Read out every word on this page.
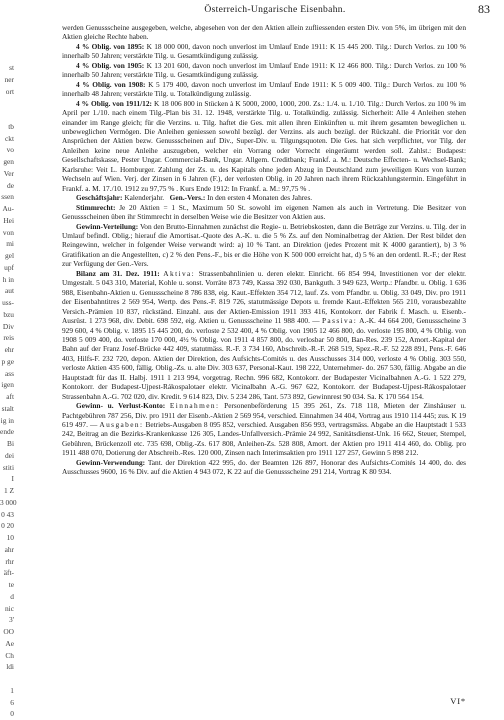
st
ner
ort
tb
ckt
vo
gen
Ver
de
ssen
Au-
Hei
von
mi
gel
upf
h in
aut
uss-
bzu
Div
reis
ehr
p ge
ass
igen
aft
stalt
ig in
ende
Bi
dei
stiti
I
1 Z
3 000
0 43
0 20
10
ahr
rhr
äft-
te
d
nic
3'
OO
Ae
Ch
ldi
1
6
0
Österreich-Ungarische Eisenbahn.	83

werden Genussscheine ausgegeben, welche, abgesehen von der den Aktien allein zufliessenden ersten Div. von 5%, im übrigen mit den Aktien gleiche Rechte haben.

4 % Oblig. von 1895: K 18 000 000, davon noch unverlost im Umlauf Ende 1911: K 15 445 200. Tilg.: Durch Verlos. zu 100 % innerhalb 50 Jahren; verstärkte Tilg. u. Gesamtkündigung zulässig.

4 % Oblig. von 1905: K 13 201 600, davon noch unverlost im Umlauf Ende 1911: K 12 466 800. Tilg.: Durch Verlos. zu 100 % innerhalb 50 Jahren; verstärkte Tilg. u. Gesamtkündigung zulässig.

4 % Oblig. von 1908: K 5 179 400, davon noch unverlost im Umlauf Ende 1911: K 5 009 400. Tilg.: Durch Verlos. zu 100 % innerhalb 48 Jahren; verstärkte Tilg. u. Totalkündigung zulässig.

4 % Oblig. von 1911/12: K 18 006 800 in Stücken à K 5000, 2000, 1000, 200. Zs.: 1./4. u. 1./10. Tilg.: Durch Verlos. zu 100 % im April per 1./10. nach einem Tilg.-Plan bis 31. 12. 1948, verstärkte Tilg. u. Totalkündig. zulässig. Sicherheit: Alle 4 Anleihen stehen einander im Range gleich; für die Verzins. u. Tilg. haftet die Ges. mit allen ihren Einkünften u. mit ihrem gesamten beweglichen u. unbeweglichen Vermögen. Die Anleihen geniessen sowohl bezügl. der Verzins. als auch bezügl. der Rückzahl. die Priorität vor den Ansprüchen der Aktien bezw. Genussscheinen auf Div., Super-Div. u. Tilgungsquoten. Die Ges. hat sich verpflichtet, vor Tilg. der Anleihen keine neue Anleihe auszugeben, welcher ein Vorrang oder Vorrecht eingeräumt werden soll. Zahlst.: Budapest: Gesellschaftskasse, Pester Ungar. Commercial-Bank, Ungar. Allgem. Creditbank; Frankf. a. M.: Deutsche Effecten- u. Wechsel-Bank; Karlsruhe: Veit L. Homburger. Zahlung der Zs. u. des Kapitals ohne jeden Abzug in Deutschland zum jeweiligen Kurs von kurzen Wechseln auf Wien. Verj. der Zinsen in 6 Jahren (F.), der verlosten Oblig. in 20 Jahren nach ihrem Rückzahlungstermin. Eingeführt in Frankf. a. M. 17./10. 1912 zu 97,75 % . Kurs Ende 1912: In Frankf. a. M.: 97,75 % .

Geschäftsjahr: Kalenderjahr. Gen.-Vers.: In den ersten 4 Monaten des Jahres.

Stimmrecht: Je 20 Aktien = 1 St., Maximum 50 St. sowohl im eigenen Namen als auch in Vertretung. Die Besitzer von Genussscheinen üben ihr Stimmrecht in derselben Weise wie die Besitzer von Aktien aus.

Gewinn-Verteilung: Von den Brutto-Einnahmen zunächst die Regie- u. Betriebskosten, dann die Beträge zur Verzins. u. Tilg. der in Umlauf befindl. Oblig.; hierauf die Amortisat.-Quote des A.-K. u. die 5 % Zs. auf den Nominalbetrag der Aktien. Der Rest bildet den Reingewinn, welcher in folgender Weise verwandt wird: a) 10 % Tant. an Direktion (jedes Prozent mit K 4000 garantiert), b) 3 % Gratifikation an die Angestellten, c) 2 % den Pens.-F., bis er die Höhe von K 500 000 erreicht hat, d) 5 % an den ordentl. R.-F.; der Rest zur Verfügung der Gen.-Vers.

Bilanz am 31. Dez. 1911: Aktiva: Strassenbahnlinien u. deren elektr. Einricht. 66 854 994, Investitionen vor der elektr. Umgestalt. 5 043 310, Material, Kohle u. sonst. Vorräte 873 749, Kassa 392 030, Bankguth. 3 949 623, Wertp.: Pfandbr. u. Oblig. 1 636 988, Eisenbahn-Aktien u. Genussscheine 8 786 838, eig. Kaut.-Effekten 354 712, lauf. Zs. vom Pfandbr. u. Oblig. 33 049, Div. pro 1911 der Eisenbahntitres 2 569 954, Wertp. des Pens.-F. 819 726, statutmässige Depots u. fremde Kaut.-Effekten 565 210, vorausbezahlte Versich.-Prämien 10 837, rückständ. Einzahl. aus der Aktien-Emission 1911 393 416, Kontokorr. der Fabrik f. Masch. u. Eisenb.-Ausrüst. 1 273 968, div. Debit. 698 592, eig. Aktien u. Genussscheine 11 988 400. — Passiva: A.-K. 44 664 200, Genussscheine 3 929 600, 4 % Oblig. v. 1895 15 445 200, do. verloste 2 532 400, 4 % Oblig. von 1905 12 466 800, do. verloste 195 800, 4 % Oblig. von 1908 5 009 400, do. verloste 170 000, 4½ % Oblig. von 1911 4 857 800, do. verlosbar 50 800, Ban-Res. 239 152, Amort.-Kapital der Bahn auf der Franz Josef-Brücke 442 409, statutmäss. R.-F. 3 734 160, Abschreib.-R.-F. 268 519, Spez.-R.-F. 52 228 891, Pens.-F. 646 403, Hilfs-F. 232 720, depon. Aktien der Direktion, des Aufsichts-Comités u. des Ausschusses 314 000, verloste 4 % Oblig. 303 550, verloste Aktien 435 600, fällig. Oblig.-Zs. u. alte Div. 303 637, Personal-Kaut. 198 222, Unternehmer- do. 267 530, fällig. Abgabe an die Hauptstadt für das II. Halbj. 1911 1 213 994, vorgetrag. Rechn. 996 682, Kontokorr. der Budapester Vicinalbahnen A.-G. 1 522 279, Kontokorr. der Budapest-Ujpest-Rákospalotaer elektr. Vicinalbahn A.-G. 967 622, Kontokorr. der Budapest-Ujpest-Rákospalotaer Strassenbahn A.-G. 702 020, div. Kredit. 9 614 823, Div. 5 234 286, Tant. 573 892, Gewinnrest 90 034. Sa. K 170 564 154.

Gewinn- u. Verlust-Konto: Einnahmen: Personenbeförderung 15 395 261, Zs. 718 118, Mieten der Zinshäuser u. Pachtgebühren 787 256, Div. pro 1911 der Eisenb.-Aktien 2 569 954, verschied. Einnahmen 34 404, Vortrag aus 1910 114 445; zus. K 19 619 497. — Ausgaben: Betriebs-Ausgaben 8 095 852, verschied. Ausgaben 856 993, vertragsmäss. Abgabe an die Hauptstadt 1 533 242, Beitrag an die Bezirks-Krankenkasse 126 305, Landes-Unfallversich.-Prämie 24 992, Sanitätsdienst-Unk. 16 662, Steuer, Stempel, Gebühren, Brückenzoll etc. 735 698, Oblig.-Zs. 617 808, Anleihen-Zs. 528 808, Amort. der Aktien pro 1911 414 460, do. Oblig. pro 1911 488 070, Dotierung der Abschreib.-Res. 120 000, Zinsen nach Interimsaktien pro 1911 127 257, Gewinn 5 898 212.

Gewinn-Verwendung: Tant. der Direktion 422 995, do. der Beamten 126 897, Honorar des Aufsichts-Comités 14 400, do. des Ausschusses 9600, 16 % Div. auf die Aktien 4 943 072, K 22 auf die Genussscheine 291 214, Vortrag K 80 934.

VI*
